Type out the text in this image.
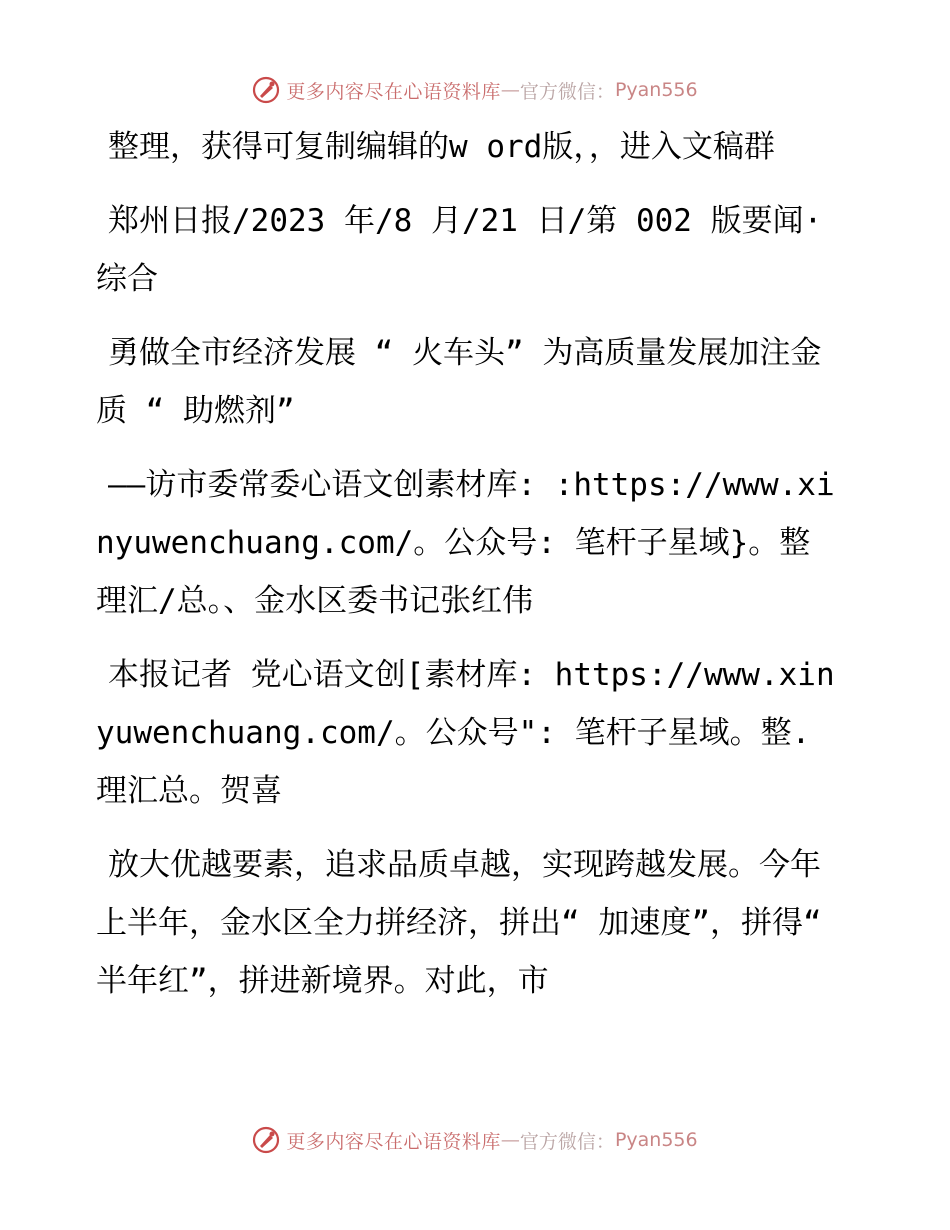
更多内容尽在心语资料库 — 官方微信： Pyan556

整理，获得可复制编辑的w ord版，，进入文稿群

郑州日报/2023 年/8 月/21 日/第 002 版要闻·综合

勇做全市经济发展 “ 火车头” 为高质量发展加注金质 “ 助燃剂”

——访市委常委心语文创素材库: :https://www.xinyuwenchuang.com/。公众号: 笔杆子星域}。整理汇/总。、金水区委书记张红伟

本报记者 党心语文创[素材库: https://www.xinyuwenchuang.com/。公众号": 笔杆子星域。整.理汇总。贺喜

放大优越要素，追求品质卓越，实现跨越发展。今年上半年，金水区全力拼经济，拼出“ 加速度”，拼得“ 半年红”，拼进新境界。对此，市

更多内容尽在心语资料库 — 官方微信： Pyan556
